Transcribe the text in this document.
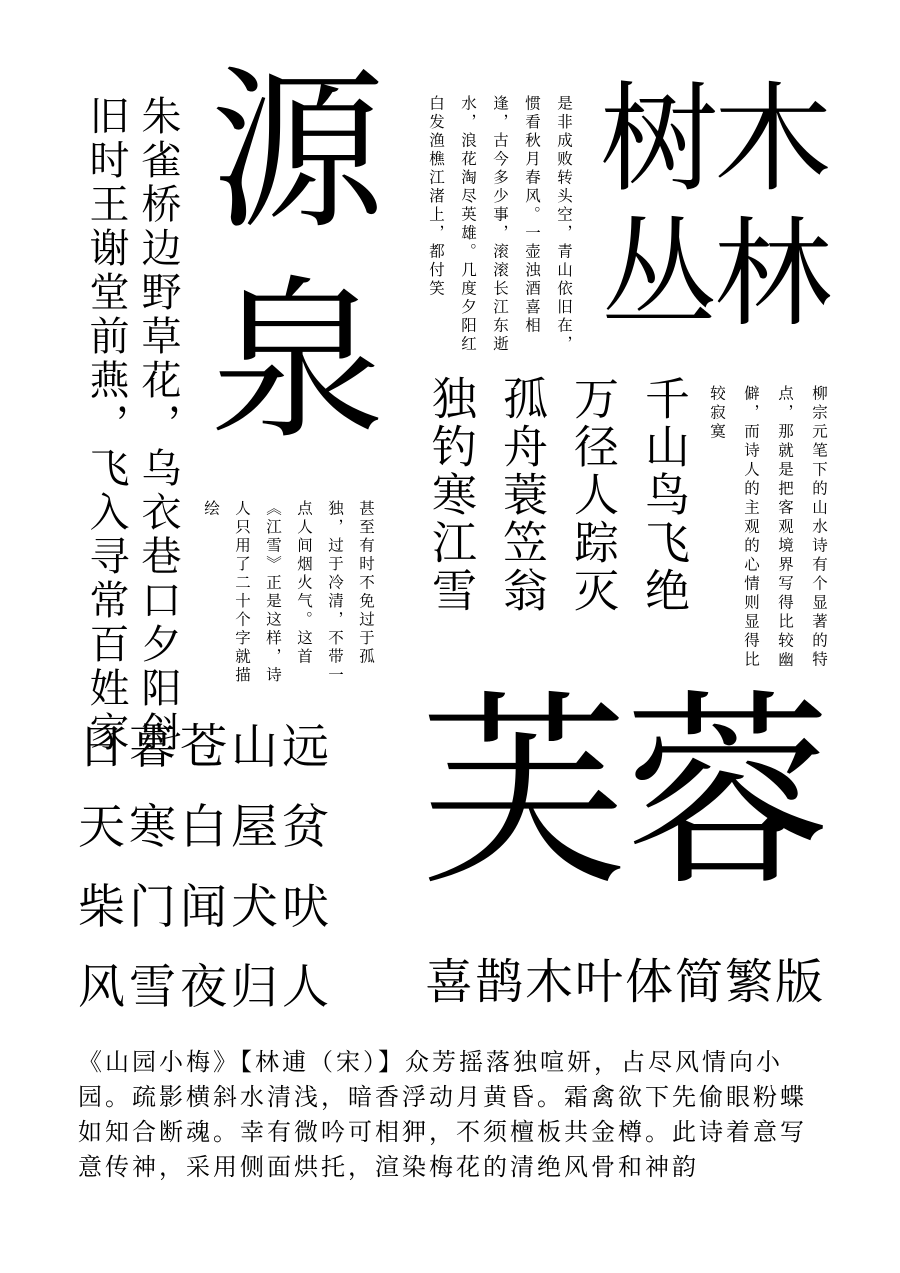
朱雀桥边野草花，乌衣巷口夕阳斜
旧时王谢堂前燕，飞入寻常百姓家 源
泉
是非成败转头空，青山依旧在，惯看秋月春风。一壶浊酒喜相逢，古今多少事，滚滚长江东逝水，浪花淘尽英雄。几度夕阳红白发渔樵江渚上，都付笑	树木
丛林
千山鸟飞绝
万径人踪灭
孤舟蓑笠翁
独钓寒江雪	柳宗元笔下的山水诗有个显著的特点，那就是把客观境界写得比较幽僻，而诗人的主观的心情则显得比较寂寞
甚至有时不免过于孤独，过于冷清，不带一点人间烟火气。这首《江雪》正是这样，诗人只用了二十个字就描绘
日暮苍山远
天寒白屋贫
柴门闻犬吠
风雪夜归人
芙蓉
喜鹊木叶体简繁版
《山园小梅》【林逋（宋）】众芳摇落独喧妍，占尽风情向小园。疏影横斜水清浅，暗香浮动月黄昏。霜禽欲下先偷眼粉蝶如知合断魂。幸有微吟可相狎，不须檀板共金樽。此诗着意写意传神，采用侧面烘托，渲染梅花的清绝风骨和神韵
